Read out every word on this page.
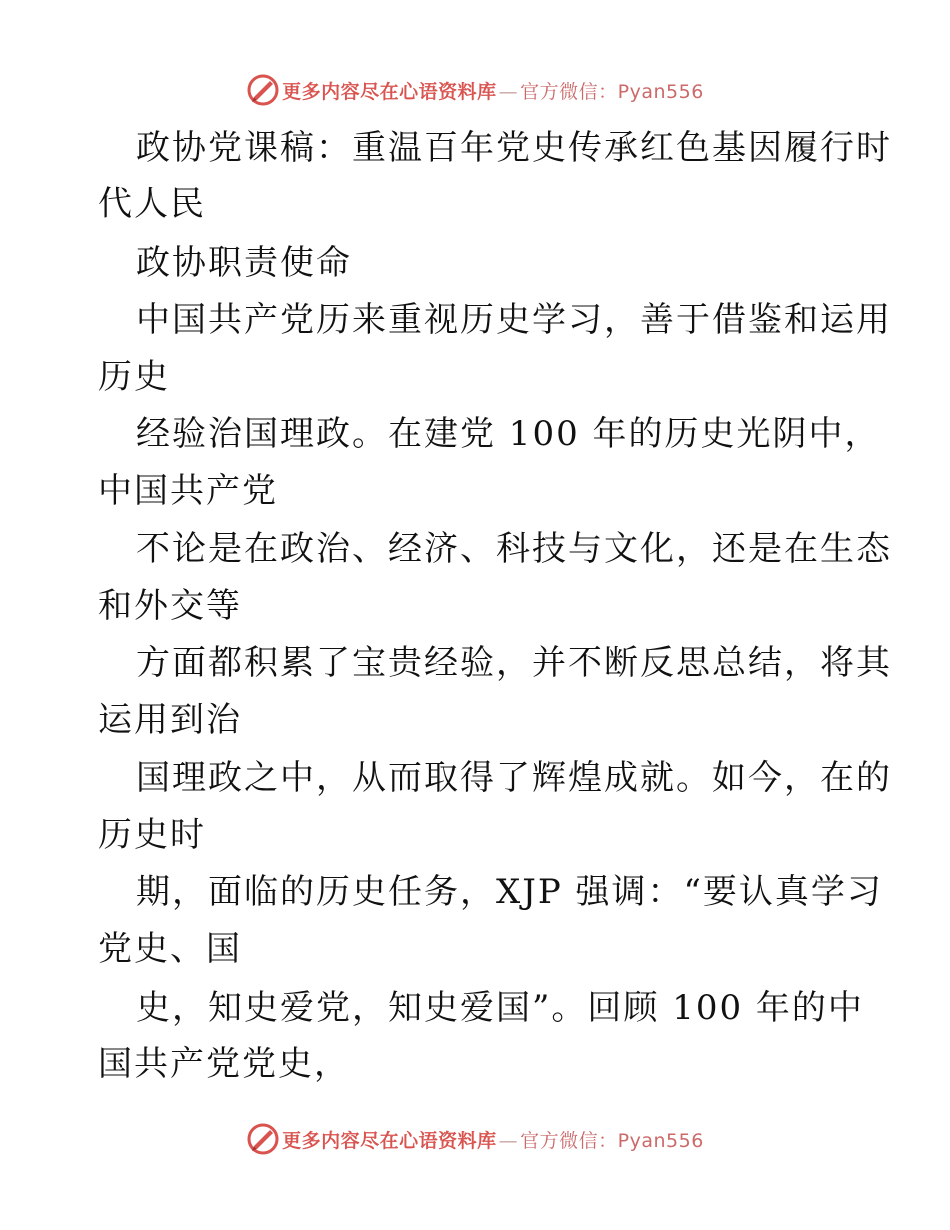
更多内容尽在心语资料库 — 官方微信：Pyan556
政协党课稿：重温百年党史传承红色基因履行时
代人民
政协职责使命
中国共产党历来重视历史学习，善于借鉴和运用
历史
经验治国理政。在建党 100 年的历史光阴中，
中国共产党
不论是在政治、经济、科技与文化，还是在生态
和外交等
方面都积累了宝贵经验，并不断反思总结，将其
运用到治
国理政之中，从而取得了辉煌成就。如今，在的
历史时
期，面临的历史任务，XJP 强调：“要认真学习
党史、国
史，知史爱党，知史爱国”。回顾 100 年的中
国共产党党史，
更多内容尽在心语资料库 — 官方微信：Pyan556
